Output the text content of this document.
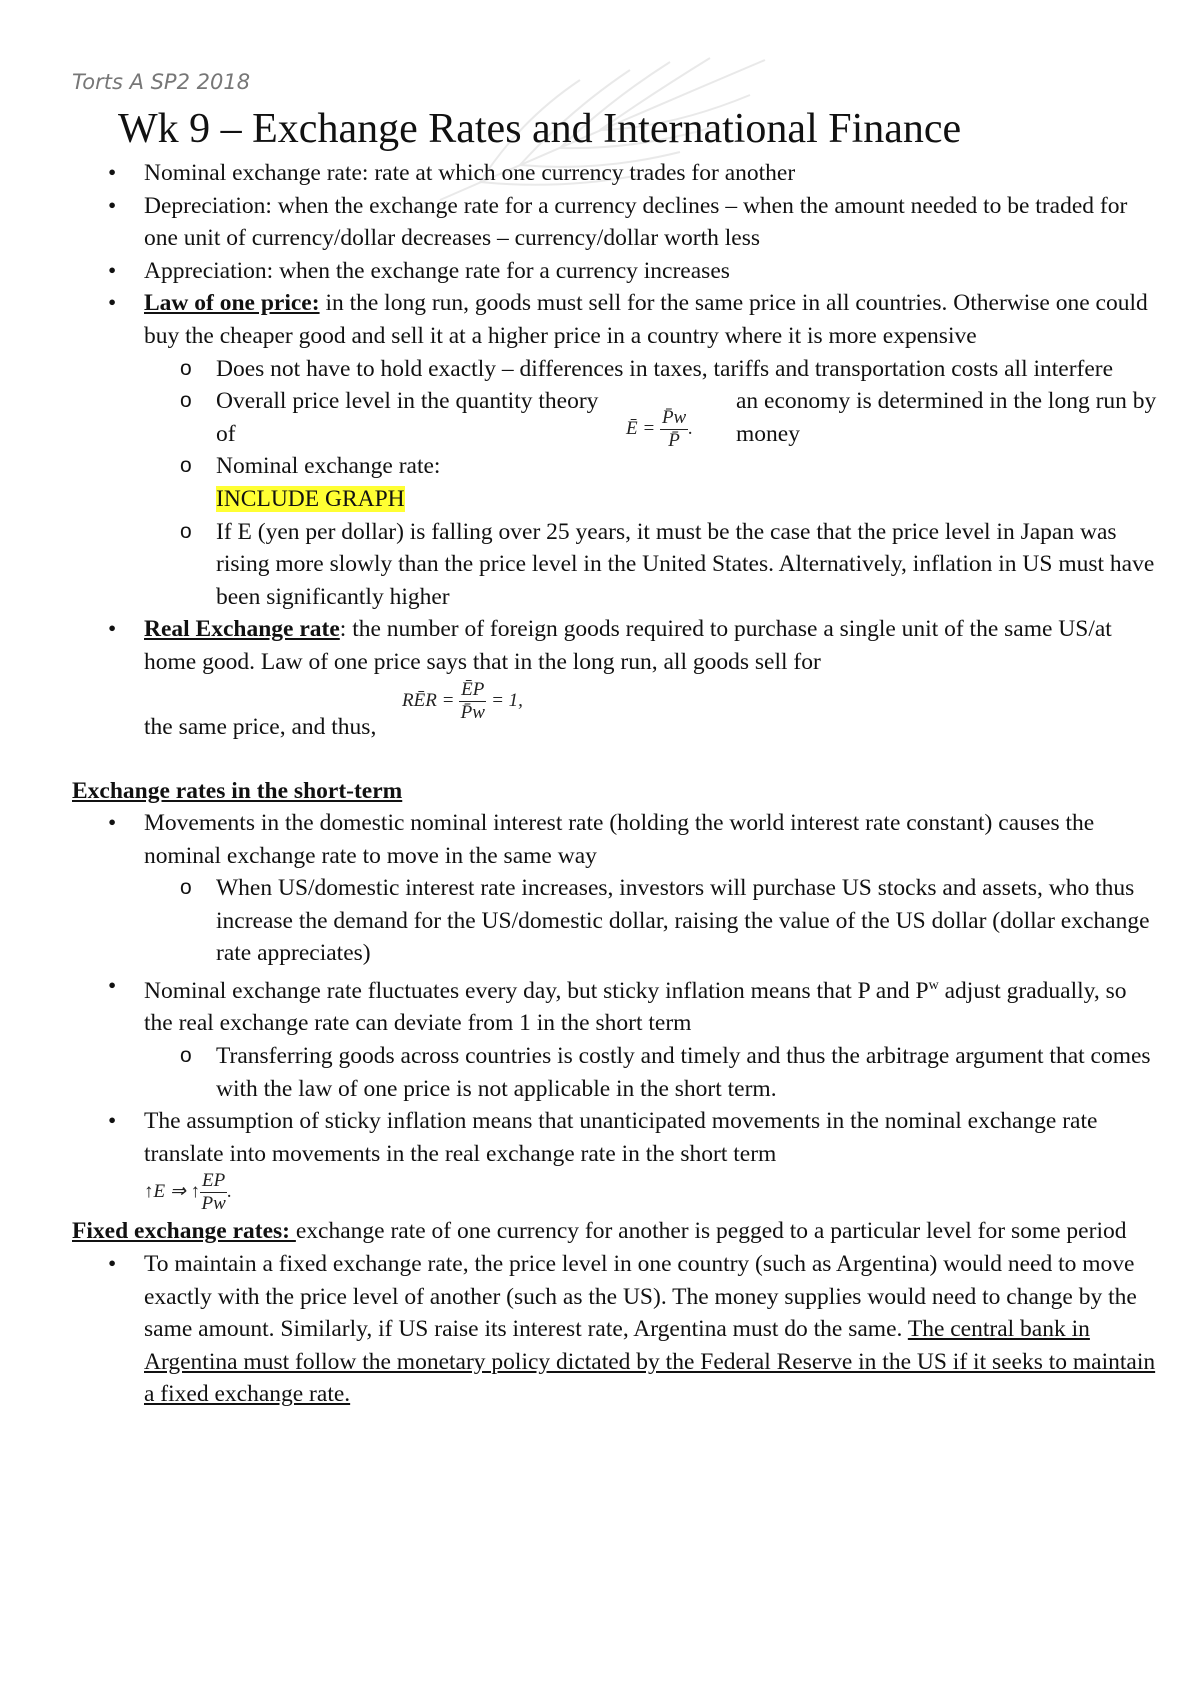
Torts A SP2 2018
Wk 9 – Exchange Rates and International Finance
• Nominal exchange rate: rate at which one currency trades for another
• Depreciation: when the exchange rate for a currency declines – when the amount needed to be traded for one unit of currency/dollar decreases – currency/dollar worth less
• Appreciation: when the exchange rate for a currency increases
• Law of one price: in the long run, goods must sell for the same price in all countries. Otherwise one could buy the cheaper good and sell it at a higher price in a country where it is more expensive
o Does not have to hold exactly – differences in taxes, tariffs and transportation costs all interfere
o Overall price level in the quantity theory of	Ē = $\frac{P̄w}{P̄}$ .
an economy is determined in the long run by money
o Nominal exchange rate:
INCLUDE GRAPH
o If E (yen per dollar) is falling over 25 years, it must be the case that the price level in Japan was rising more slowly than the price level in the United States. Alternatively, inflation in US must have been significantly higher
• Real Exchange rate: the number of foreign goods required to purchase a single unit of the same US/at home good. Law of one price says that in the long run, all goods sell for
RĒR = $\frac{ĒP}{P̄w} = 1$,
the same price, and thus,
Exchange rates in the short-term
• Movements in the domestic nominal interest rate (holding the world interest rate constant) causes the nominal exchange rate to move in the same way
o When US/domestic interest rate increases, investors will purchase US stocks and assets, who thus increase the demand for the US/domestic dollar, raising the value of the US dollar (dollar exchange rate appreciates)
• Nominal exchange rate fluctuates every day, but sticky inflation means that P and $P^w$ adjust gradually, so the real exchange rate can deviate from 1 in the short term
o Transferring goods across countries is costly and timely and thus the arbitrage argument that comes with the law of one price is not applicable in the short term.
• The assumption of sticky inflation means that unanticipated movements in the nominal exchange rate translate into movements in the real exchange rate in the short term
↑E ⇒ ↑ $\frac{EP}{Pw}$ .
Fixed exchange rates: exchange rate of one currency for another is pegged to a particular level for some period
• To maintain a fixed exchange rate, the price level in one country (such as Argentina) would need to move exactly with the price level of another (such as the US). The money supplies would need to change by the same amount. Similarly, if US raise its interest rate, Argentina must do the same. The central bank in Argentina must follow the monetary policy dictated by the Federal Reserve in the US if it seeks to maintain a fixed exchange rate.
